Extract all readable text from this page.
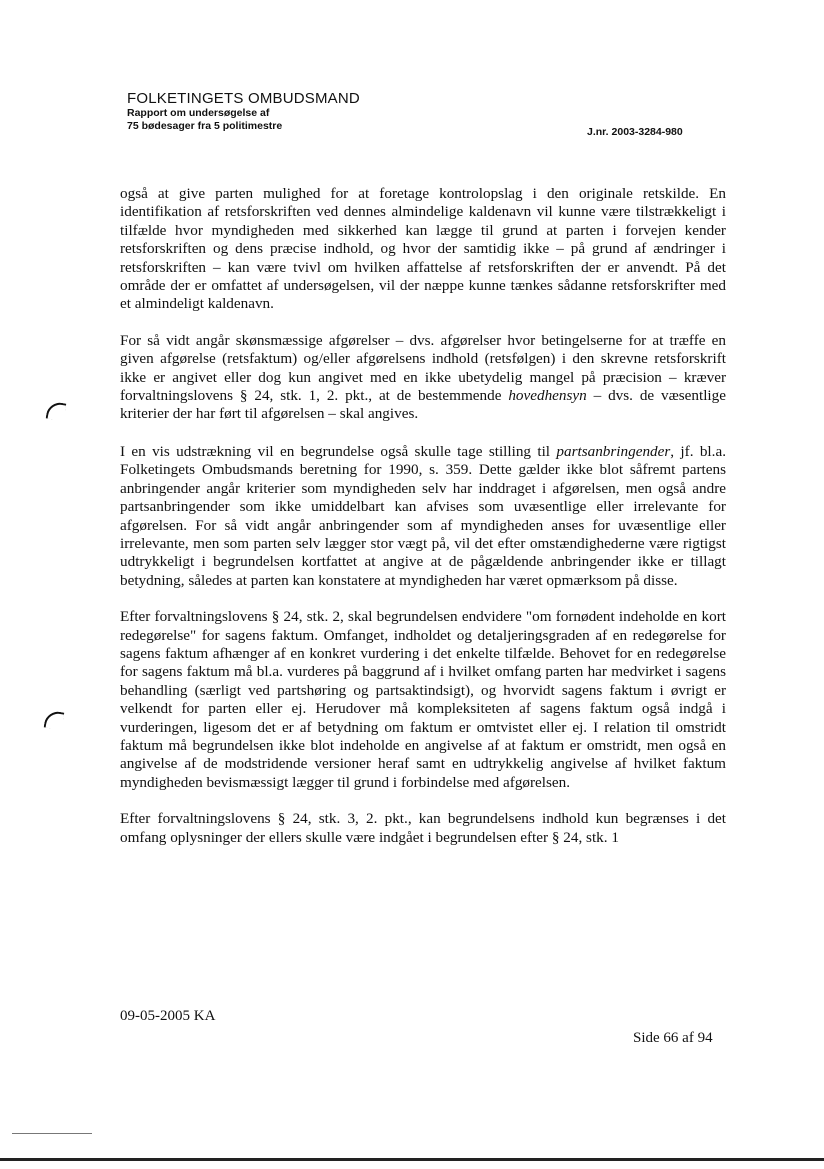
FOLKETINGETS OMBUDSMAND
Rapport om undersøgelse af
75 bødesager fra 5 politimestre	J.nr. 2003-3284-980

også at give parten mulighed for at foretage kontrolopslag i den originale retskilde. En identifikation af retsforskriften ved dennes almindelige kaldenavn vil kunne være tilstrækkeligt i tilfælde hvor myndigheden med sikkerhed kan lægge til grund at parten i forvejen kender retsforskriften og dens præcise indhold, og hvor der samtidig ikke – på grund af ændringer i retsforskriften – kan være tvivl om hvilken affattelse af retsforskriften der er anvendt. På det område der er omfattet af undersøgelsen, vil der næppe kunne tænkes sådanne retsforskrifter med et almindeligt kaldenavn.

For så vidt angår skønsmæssige afgørelser – dvs. afgørelser hvor betingelserne for at træffe en given afgørelse (retsfaktum) og/eller afgørelsens indhold (retsfølgen) i den skrevne retsforskrift ikke er angivet eller dog kun angivet med en ikke ubetydelig mangel på præcision – kræver forvaltningslovens § 24, stk. 1, 2. pkt., at de bestemmende hovedhensyn – dvs. de væsentlige kriterier der har ført til afgørelsen – skal angives.

I en vis udstrækning vil en begrundelse også skulle tage stilling til partsanbringender, jf. bl.a. Folketingets Ombudsmands beretning for 1990, s. 359. Dette gælder ikke blot såfremt partens anbringender angår kriterier som myndigheden selv har inddraget i afgørelsen, men også andre partsanbringender som ikke umiddelbart kan afvises som uvæsentlige eller irrelevante for afgørelsen. For så vidt angår anbringender som af myndigheden anses for uvæsentlige eller irrelevante, men som parten selv lægger stor vægt på, vil det efter omstændighederne være rigtigst udtrykkeligt i begrundelsen kortfattet at angive at de pågældende anbringender ikke er tillagt betydning, således at parten kan konstatere at myndigheden har været opmærksom på disse.

Efter forvaltningslovens § 24, stk. 2, skal begrundelsen endvidere "om fornødent indeholde en kort redegørelse" for sagens faktum. Omfanget, indholdet og detaljeringsgraden af en redegørelse for sagens faktum afhænger af en konkret vurdering i det enkelte tilfælde. Behovet for en redegørelse for sagens faktum må bl.a. vurderes på baggrund af i hvilket omfang parten har medvirket i sagens behandling (særligt ved partshøring og partsaktindsigt), og hvorvidt sagens faktum i øvrigt er velkendt for parten eller ej. Herudover må kompleksiteten af sagens faktum også indgå i vurderingen, ligesom det er af betydning om faktum er omtvistet eller ej. I relation til omstridt faktum må begrundelsen ikke blot indeholde en angivelse af at faktum er omstridt, men også en angivelse af de modstridende versioner heraf samt en udtrykkelig angivelse af hvilket faktum myndigheden bevismæssigt lægger til grund i forbindelse med afgørelsen.

Efter forvaltningslovens § 24, stk. 3, 2. pkt., kan begrundelsens indhold kun begrænses i det omfang oplysninger der ellers skulle være indgået i begrundelsen efter § 24, stk. 1

09-05-2005 KA
Side 66 af 94
